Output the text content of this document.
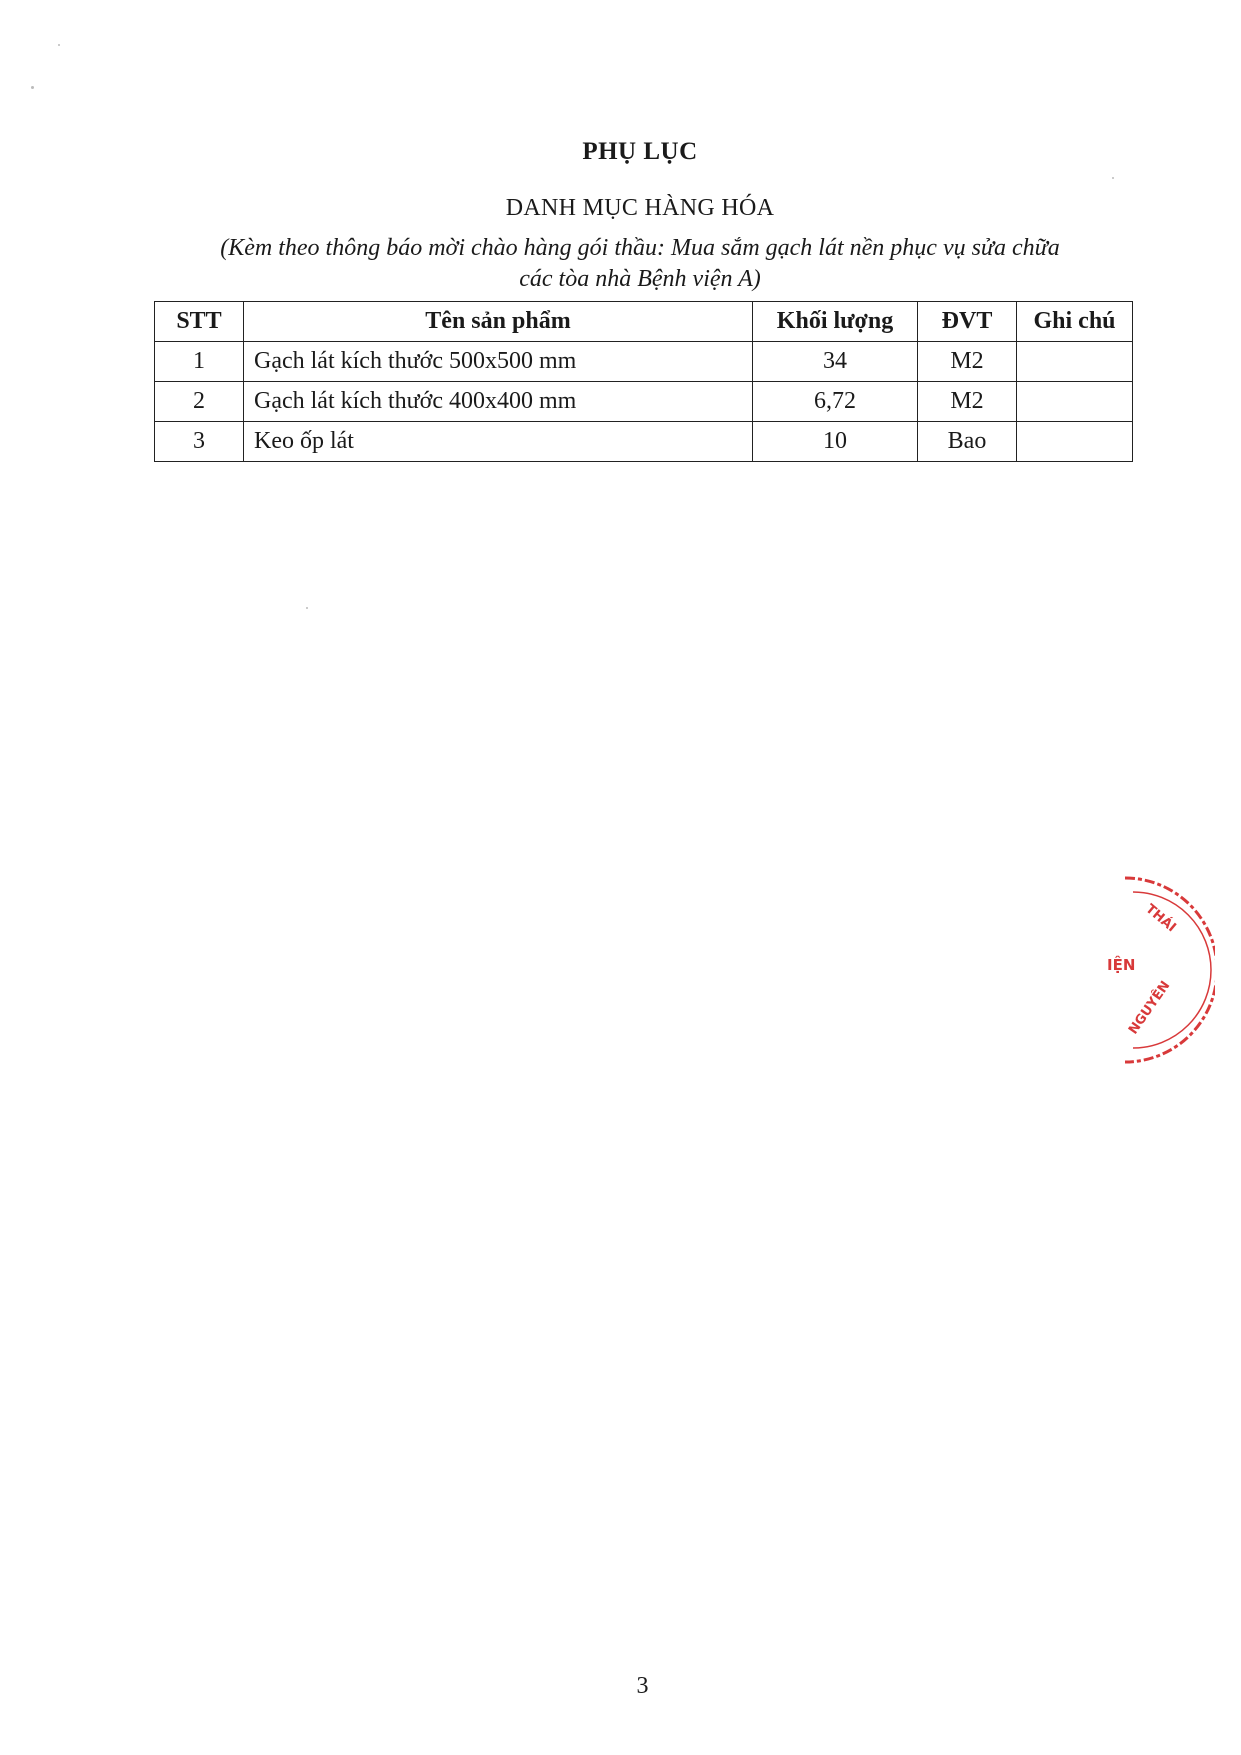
PHỤ LỤC
DANH MỤC HÀNG HÓA
(Kèm theo thông báo mời chào hàng gói thầu: Mua sắm gạch lát nền phục vụ sửa chữa
các tòa nhà Bệnh viện A)
STT	Tên sản phẩm	Khối lượng	ĐVT	Ghi chú
1	Gạch lát kích thước 500x500 mm	34	M2	
2	Gạch lát kích thước 400x400 mm	6,72	M2	
3	Keo ốp lát	10	Bao	
THÁI
IỆN
NGUYÊN
3
